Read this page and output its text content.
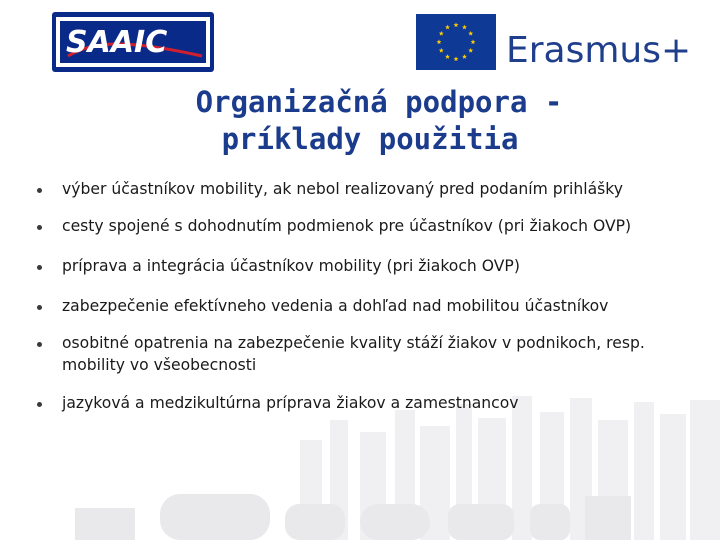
SAAIC	Erasmus+
Organizačná podpora -
príklady použitia
výber účastníkov mobility, ak nebol realizovaný pred podaním prihlášky
cesty spojené s dohodnutím podmienok pre účastníkov (pri žiakoch OVP)
príprava a integrácia účastníkov mobility (pri žiakoch OVP)
zabezpečenie efektívneho vedenia a dohľad nad mobilitou účastníkov
osobitné opatrenia na zabezpečenie kvality stáží žiakov v podnikoch, resp. mobility vo všeobecnosti
jazyková a medzikultúrna príprava žiakov a zamestnancov
